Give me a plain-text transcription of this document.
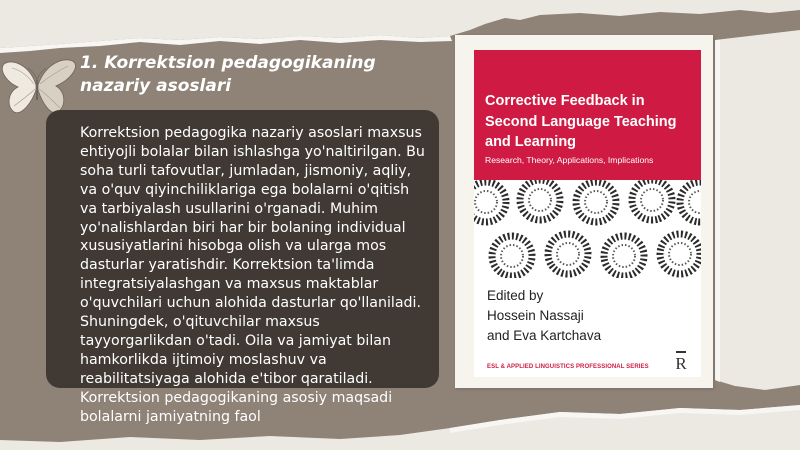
1. Korrektsion pedagogikaning nazariy asoslari

Korrektsion pedagogika nazariy asoslari maxsus ehtiyojli bolalar bilan ishlashga yo'naltirilgan. Bu soha turli tafovutlar, jumladan, jismoniy, aqliy, va o'quv qiyinchiliklariga ega bolalarni o'qitish va tarbiyalash usullarini o'rganadi. Muhim yo'nalishlardan biri har bir bolaning individual xususiyatlarini hisobga olish va ularga mos dasturlar yaratishdir. Korrektsion ta'limda integratsiyalashgan va maxsus maktablar o'quvchilari uchun alohida dasturlar qo'llaniladi. Shuningdek, o'qituvchilar maxsus tayyorgarlikdan o'tadi. Oila va jamiyat bilan hamkorlikda ijtimoiy moslashuv va reabilitatsiyaga alohida e'tibor qaratiladi. Korrektsion pedagogikaning asosiy maqsadi bolalarni jamiyatning faol

Corrective Feedback in Second Language Teaching and Learning

Research, Theory, Applications, Implications

Edited by
Hossein Nassaji
and Eva Kartchava
ESL & APPLIED LINGUISTICS PROFESSIONAL SERIES R
